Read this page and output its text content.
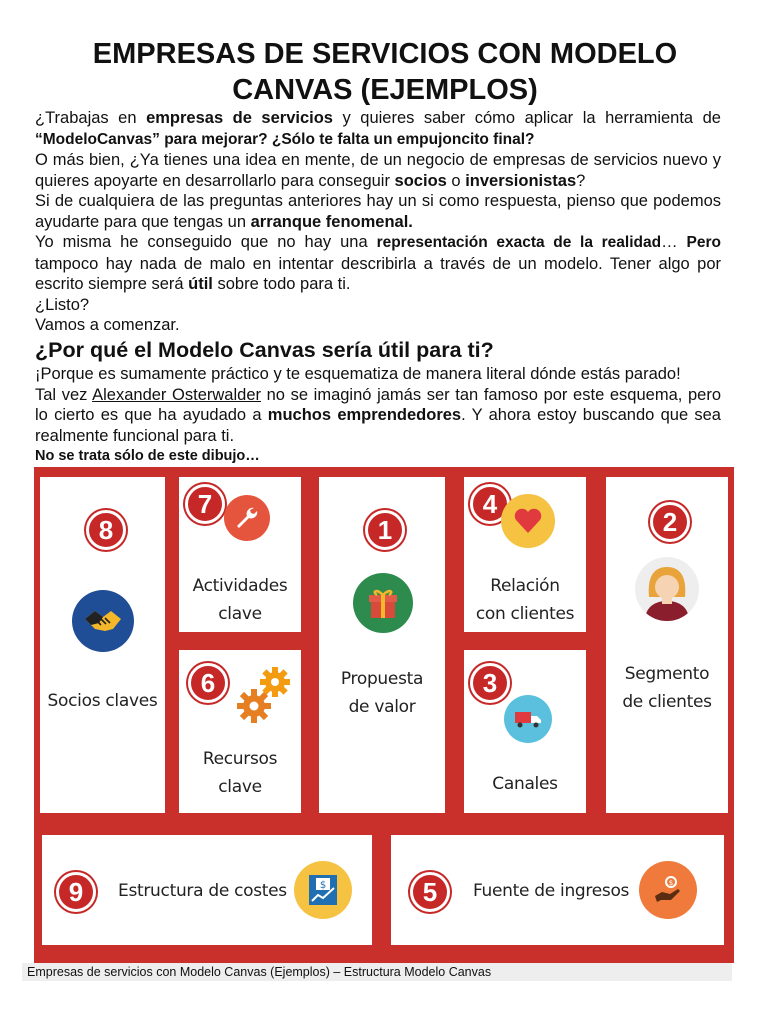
EMPRESAS DE SERVICIOS CON MODELO
CANVAS (EJEMPLOS)

¿Trabajas en empresas de servicios y quieres saber cómo aplicar la herramienta de “ModeloCanvas” para mejorar? ¿Sólo te falta un empujoncito final?

O más bien, ¿Ya tienes una idea en mente, de un negocio de empresas de servicios nuevo y quieres apoyarte en desarrollarlo para conseguir socios o inversionistas?

Si de cualquiera de las preguntas anteriores hay un si como respuesta, pienso que podemos ayudarte para que tengas un arranque fenomenal.

Yo misma he conseguido que no hay una representación exacta de la realidad… Pero tampoco hay nada de malo en intentar describirla a través de un modelo. Tener algo por escrito siempre será útil sobre todo para ti.

¿Listo?

Vamos a comenzar.

¿Por qué el Modelo Canvas sería útil para ti?

¡Porque es sumamente práctico y te esquematiza de manera literal dónde estás parado!

Tal vez Alexander Osterwalder no se imaginó jamás ser tan famoso por este esquema, pero lo cierto es que ha ayudado a muchos emprendedores. Y ahora estoy buscando que sea realmente funcional para ti.

No se trata sólo de este dibujo…

8
Socios claves
7
Actividades
clave
6
Recursos clave
1
Propuesta
de valor
4
Relación
con clientes
3
Canales
2
Segmento
de clientes
9	Estructura de costes	$	5	Fuente de ingresos	$
Empresas de servicios con Modelo Canvas (Ejemplos) – Estructura Modelo Canvas
